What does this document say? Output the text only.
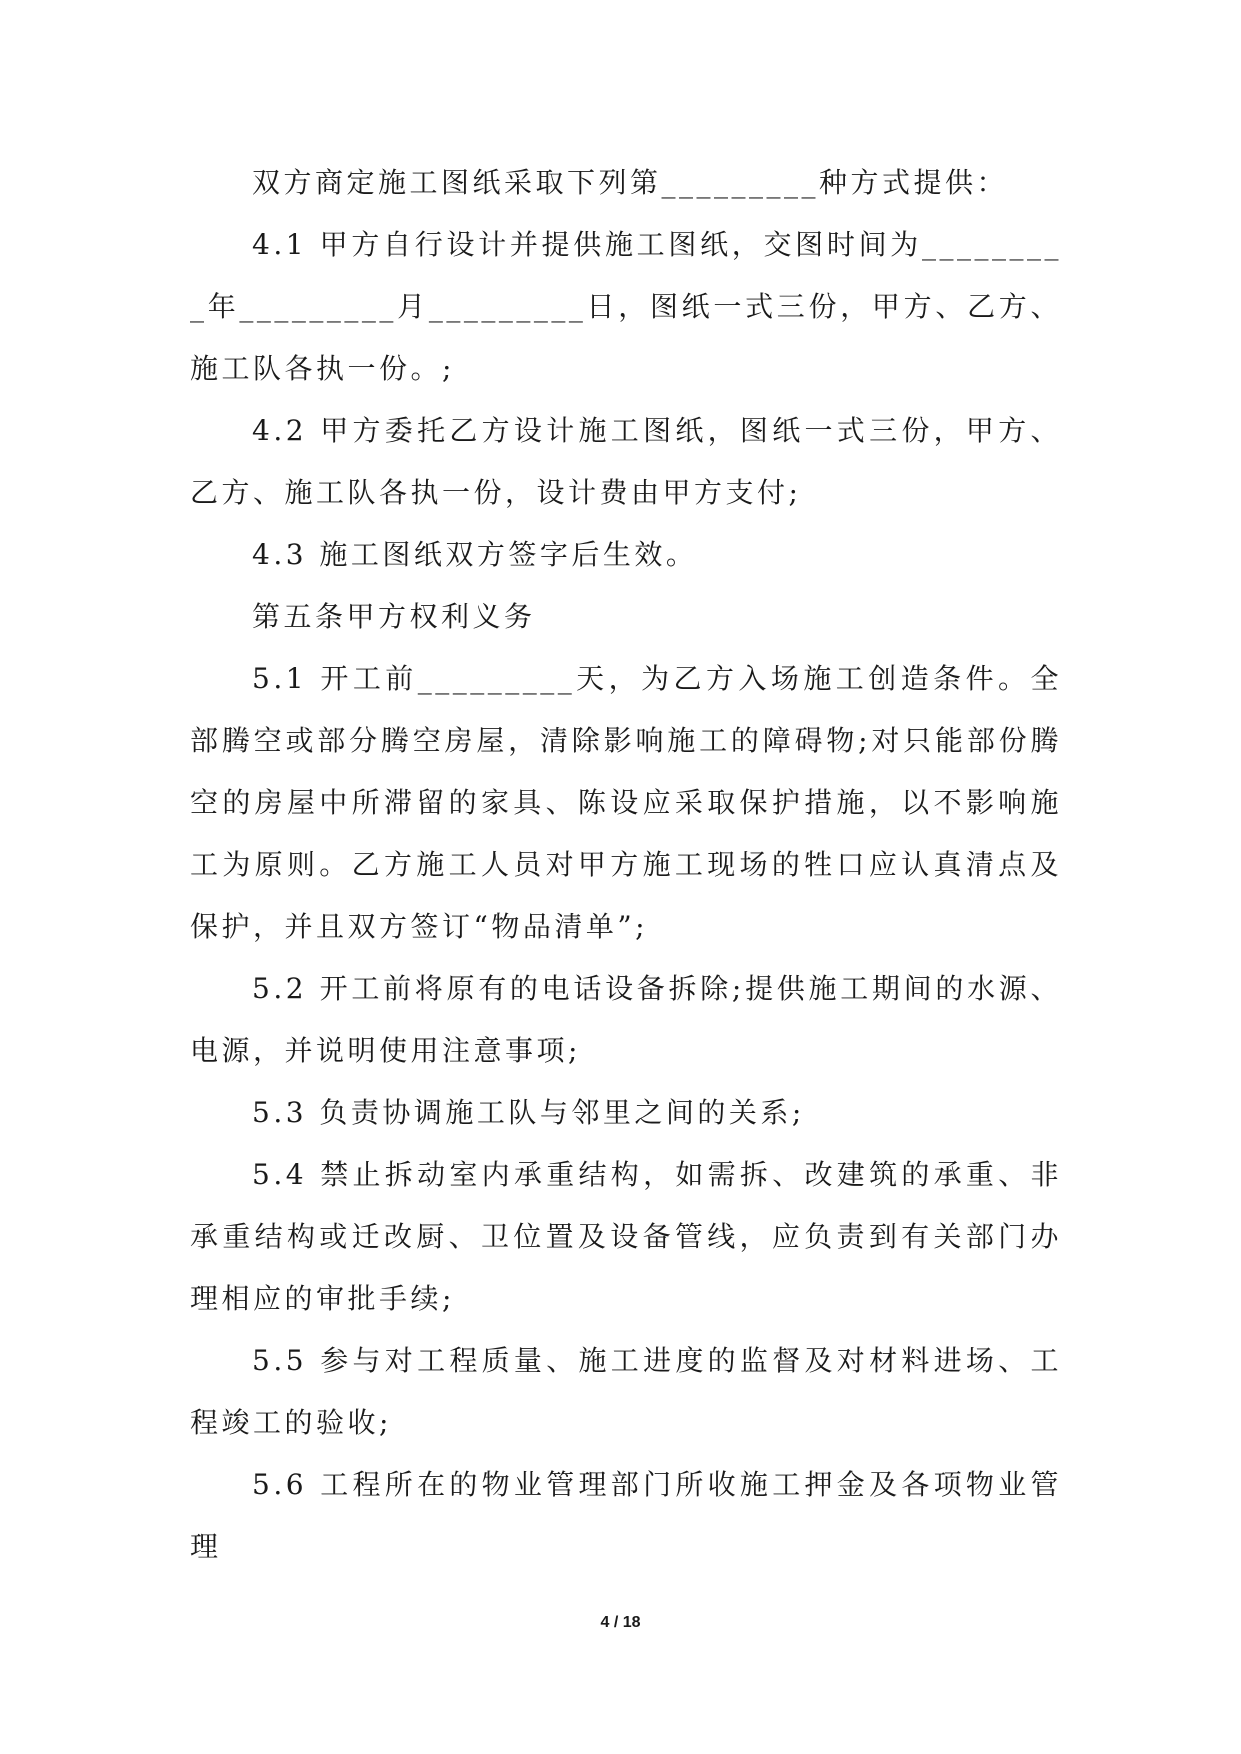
双方商定施工图纸采取下列第_________种方式提供：

4.1 甲方自行设计并提供施工图纸，交图时间为_________年_________月_________日，图纸一式三份，甲方、乙方、施工队各执一份。;

4.2 甲方委托乙方设计施工图纸，图纸一式三份，甲方、乙方、施工队各执一份，设计费由甲方支付;

4.3 施工图纸双方签字后生效。

第五条甲方权利义务

5.1 开工前_________天，为乙方入场施工创造条件。全部腾空或部分腾空房屋，清除影响施工的障碍物;对只能部份腾空的房屋中所滞留的家具、陈设应采取保护措施，以不影响施工为原则。乙方施工人员对甲方施工现场的牲口应认真清点及保护，并且双方签订“物品清单”;

5.2 开工前将原有的电话设备拆除;提供施工期间的水源、电源，并说明使用注意事项;

5.3 负责协调施工队与邻里之间的关系;

5.4 禁止拆动室内承重结构，如需拆、改建筑的承重、非承重结构或迁改厨、卫位置及设备管线，应负责到有关部门办理相应的审批手续;

5.5 参与对工程质量、施工进度的监督及对材料进场、工程竣工的验收;

5.6 工程所在的物业管理部门所收施工押金及各项物业管理

4 / 18
